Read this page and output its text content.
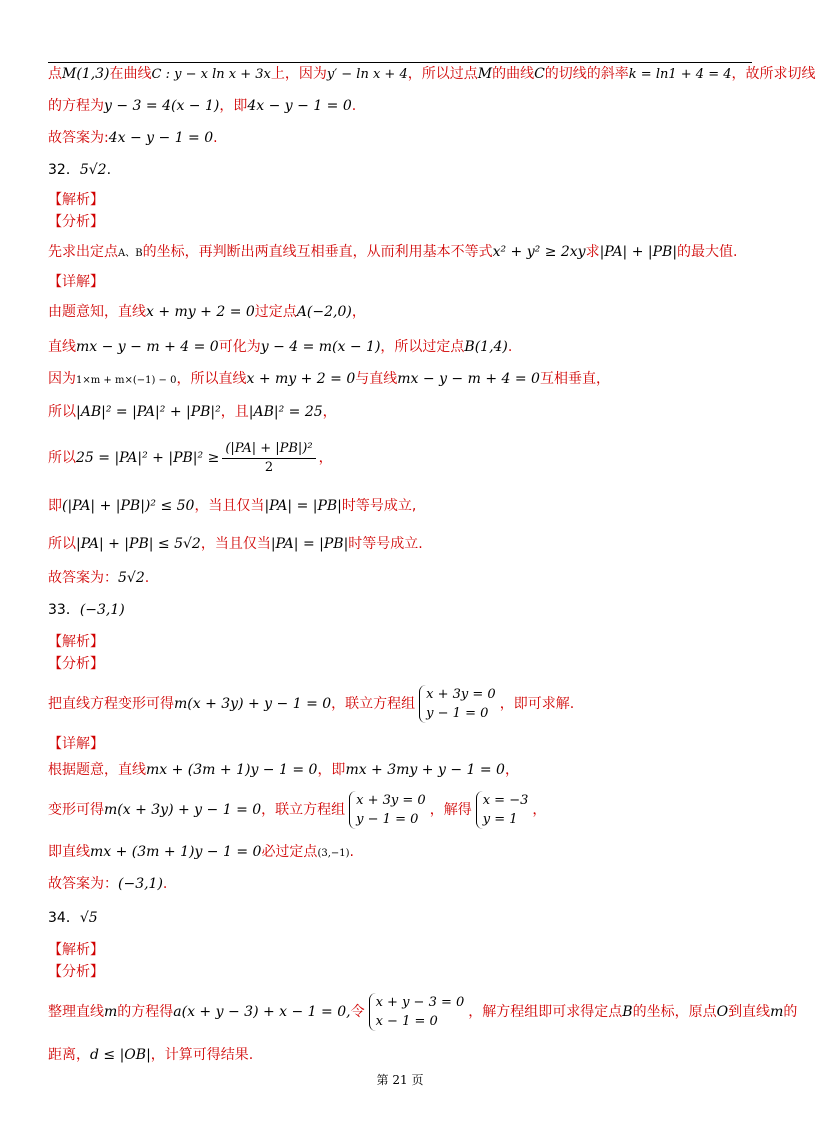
点M(1,3)在曲线C : y − x ln x + 3x上，因为y′ − ln x + 4，所以过点M的曲线C的切线的斜率k = ln1 + 4 = 4，故所求切线
的方程为y − 3 = 4(x − 1)，即4x − y − 1 = 0.
故答案为:4x − y − 1 = 0.
32．5√2.
【解析】
【分析】
先求出定点A、B的坐标，再判断出两直线互相垂直，从而利用基本不等式x² + y² ≥ 2xy求|PA| + |PB|的最大值.
【详解】
由题意知，直线x + my + 2 = 0过定点A(−2,0)，
直线mx − y − m + 4 = 0可化为y − 4 = m(x − 1)，所以过定点B(1,4).
因为1×m + m×(−1) − 0，所以直线x + my + 2 = 0与直线mx − y − m + 4 = 0互相垂直，
所以|AB|² = |PA|² + |PB|²，且|AB|² = 25，
所以$25 = |PA|^2 + |PB|^2 \ge \frac{\text{(|PA| + |PB|)²}}{2}$ ，
即(|PA| + |PB|)² ≤ 50，当且仅当|PA| = |PB|时等号成立,
所以|PA| + |PB| ≤ 5√2，当且仅当|PA| = |PB|时等号成立.
故答案为：5√2.
33．(−3,1)
【解析】
【分析】
把直线方程变形可得m(x + 3y) + y − 1 = 0，联立方程组
x + 3y = 0
y − 1 = 0
，即可求解.
【详解】
根据题意，直线mx + (3m + 1)y − 1 = 0，即mx + 3my + y − 1 = 0，
变形可得m(x + 3y) + y − 1 = 0，联立方程组
x + 3y = 0
y − 1 = 0
，解得
x = −3
y = 1
，
即直线mx + (3m + 1)y − 1 = 0必过定点(3,−1).
故答案为：(−3,1).
34．√5
【解析】
【分析】
整理直线m的方程得a(x + y − 3) + x − 1 = 0,令
x + y − 3 = 0
x − 1 = 0
，解方程组即可求得定点B的坐标，原点O到直线m的
距离，d ≤ |OB|，计算可得结果.
第 21 页
